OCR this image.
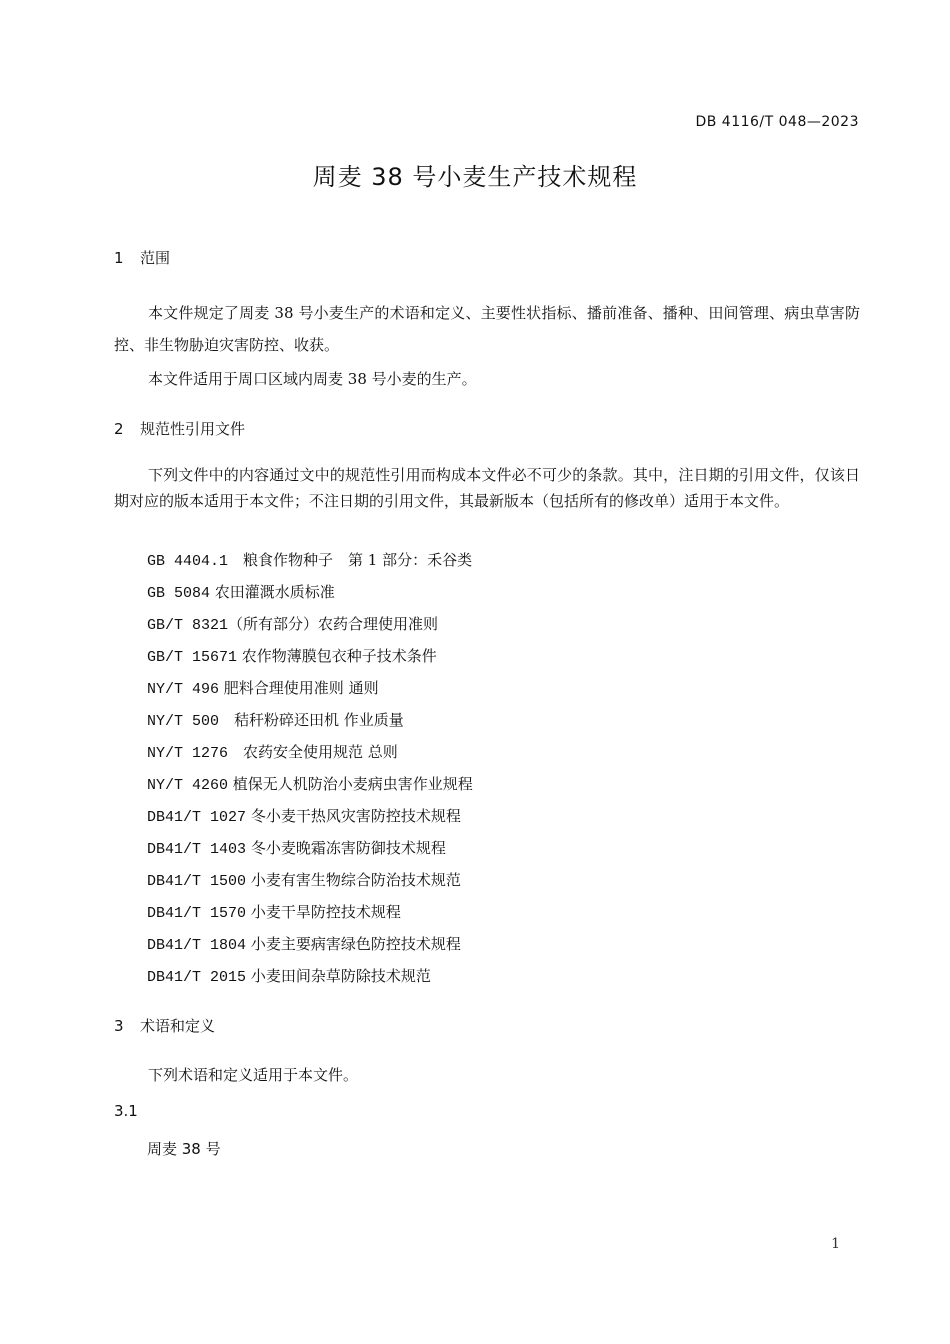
DB 4116/T 048—2023
周麦 38 号小麦生产技术规程
1 范围
本文件规定了周麦 38 号小麦生产的术语和定义、主要性状指标、播前准备、播种、田间管理、病虫草害防控、非生物胁迫灾害防控、收获。
本文件适用于周口区域内周麦 38 号小麦的生产。
2 规范性引用文件
下列文件中的内容通过文中的规范性引用而构成本文件必不可少的条款。其中，注日期的引用文件，仅该日期对应的版本适用于本文件；不注日期的引用文件，其最新版本（包括所有的修改单）适用于本文件。
GB 4404.1　 粮食作物种子　第 1 部分：禾谷类
GB 5084 农田灌溉水质标准
GB/T 8321（所有部分）农药合理使用准则
GB/T 15671 农作物薄膜包衣种子技术条件
NY/T 496 肥料合理使用准则 通则
NY/T 500　 秸秆粉碎还田机 作业质量
NY/T 1276　 农药安全使用规范 总则
NY/T 4260 植保无人机防治小麦病虫害作业规程
DB41/T 1027 冬小麦干热风灾害防控技术规程
DB41/T 1403 冬小麦晚霜冻害防御技术规程
DB41/T 1500 小麦有害生物综合防治技术规范
DB41/T 1570 小麦干旱防控技术规程
DB41/T 1804 小麦主要病害绿色防控技术规程
DB41/T 2015 小麦田间杂草防除技术规范
3 术语和定义
下列术语和定义适用于本文件。
3.1
周麦 38 号
1
